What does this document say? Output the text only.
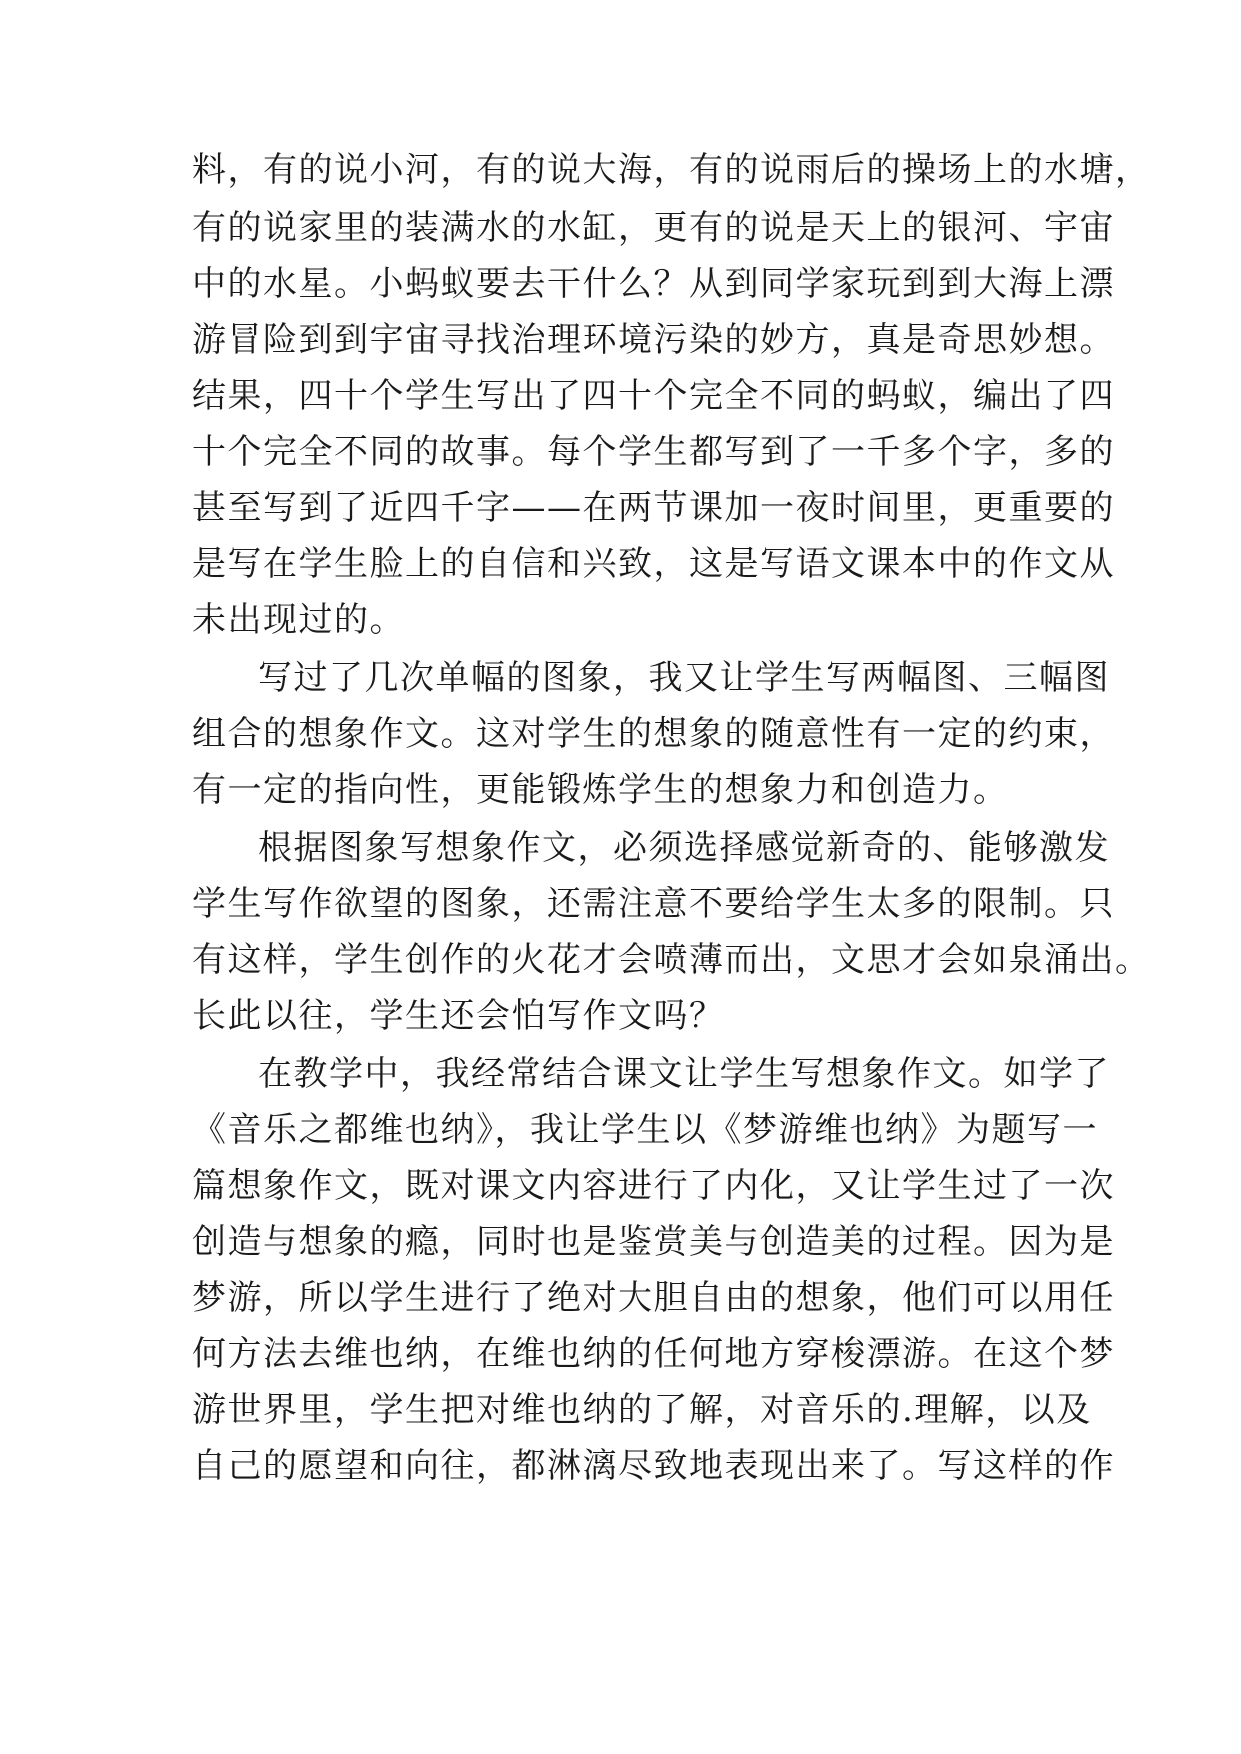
料，有的说小河，有的说大海，有的说雨后的操场上的水塘，
有的说家里的装满水的水缸，更有的说是天上的银河、宇宙
中的水星。小蚂蚁要去干什么？从到同学家玩到到大海上漂
游冒险到到宇宙寻找治理环境污染的妙方，真是奇思妙想。
结果，四十个学生写出了四十个完全不同的蚂蚁，编出了四
十个完全不同的故事。每个学生都写到了一千多个字，多的
甚至写到了近四千字——在两节课加一夜时间里，更重要的
是写在学生脸上的自信和兴致，这是写语文课本中的作文从
未出现过的。
写过了几次单幅的图象，我又让学生写两幅图、三幅图
组合的想象作文。这对学生的想象的随意性有一定的约束，
有一定的指向性，更能锻炼学生的想象力和创造力。
根据图象写想象作文，必须选择感觉新奇的、能够激发
学生写作欲望的图象，还需注意不要给学生太多的限制。只
有这样，学生创作的火花才会喷薄而出，文思才会如泉涌出。
长此以往，学生还会怕写作文吗？
在教学中，我经常结合课文让学生写想象作文。如学了
《音乐之都维也纳》，我让学生以《梦游维也纳》为题写一
篇想象作文，既对课文内容进行了内化，又让学生过了一次
创造与想象的瘾，同时也是鉴赏美与创造美的过程。因为是
梦游，所以学生进行了绝对大胆自由的想象，他们可以用任
何方法去维也纳，在维也纳的任何地方穿梭漂游。在这个梦
游世界里，学生把对维也纳的了解，对音乐的.理解，以及
自己的愿望和向往，都淋漓尽致地表现出来了。写这样的作
